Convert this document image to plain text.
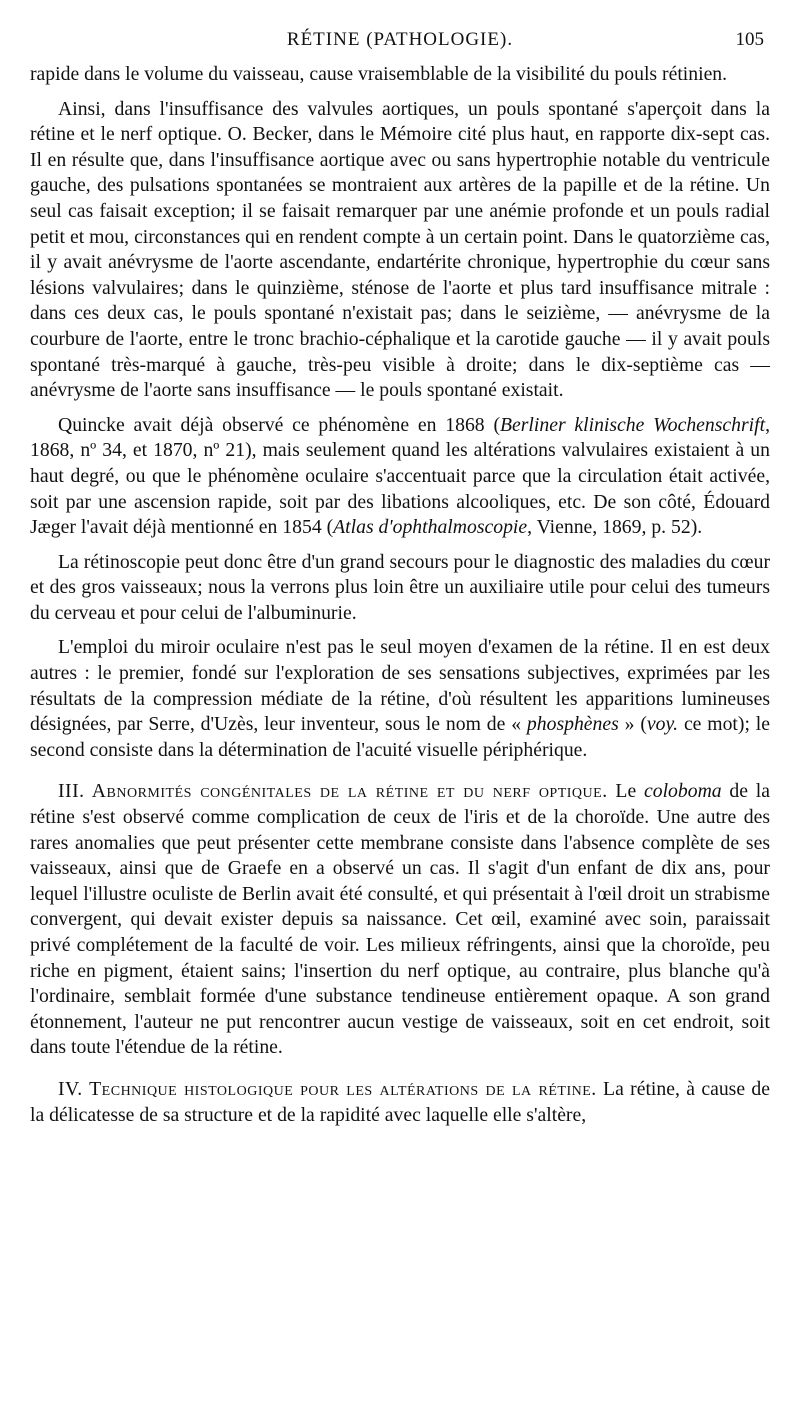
RÉTINE (PATHOLOGIE).	105

rapide dans le volume du vaisseau, cause vraisemblable de la visibilité du pouls rétinien.

Ainsi, dans l'insuffisance des valvules aortiques, un pouls spontané s'aperçoit dans la rétine et le nerf optique. O. Becker, dans le Mémoire cité plus haut, en rapporte dix-sept cas. Il en résulte que, dans l'insuffisance aortique avec ou sans hypertrophie notable du ventricule gauche, des pulsations spontanées se montraient aux artères de la papille et de la rétine. Un seul cas faisait exception; il se faisait remarquer par une anémie profonde et un pouls radial petit et mou, circonstances qui en rendent compte à un certain point. Dans le quatorzième cas, il y avait anévrysme de l'aorte ascendante, endartérite chronique, hypertrophie du cœur sans lésions valvulaires; dans le quinzième, sténose de l'aorte et plus tard insuffisance mitrale : dans ces deux cas, le pouls spontané n'existait pas; dans le seizième, — anévrysme de la courbure de l'aorte, entre le tronc brachio-céphalique et la carotide gauche — il y avait pouls spontané très-marqué à gauche, très-peu visible à droite; dans le dix-septième cas — anévrysme de l'aorte sans insuffisance — le pouls spontané existait.

Quincke avait déjà observé ce phénomène en 1868 (Berliner klinische Wochenschrift, 1868, nº 34, et 1870, nº 21), mais seulement quand les altérations valvulaires existaient à un haut degré, ou que le phénomène oculaire s'accentuait parce que la circulation était activée, soit par une ascension rapide, soit par des libations alcooliques, etc. De son côté, Édouard Jæger l'avait déjà mentionné en 1854 (Atlas d'ophthalmoscopie, Vienne, 1869, p. 52).

La rétinoscopie peut donc être d'un grand secours pour le diagnostic des maladies du cœur et des gros vaisseaux; nous la verrons plus loin être un auxiliaire utile pour celui des tumeurs du cerveau et pour celui de l'albuminurie.

L'emploi du miroir oculaire n'est pas le seul moyen d'examen de la rétine. Il en est deux autres : le premier, fondé sur l'exploration de ses sensations subjectives, exprimées par les résultats de la compression médiate de la rétine, d'où résultent les apparitions lumineuses désignées, par Serre, d'Uzès, leur inventeur, sous le nom de « phosphènes » (voy. ce mot); le second consiste dans la détermination de l'acuité visuelle périphérique.

III. Abnormités congénitales de la rétine et du nerf optique. Le coloboma de la rétine s'est observé comme complication de ceux de l'iris et de la choroïde. Une autre des rares anomalies que peut présenter cette membrane consiste dans l'absence complète de ses vaisseaux, ainsi que de Graefe en a observé un cas. Il s'agit d'un enfant de dix ans, pour lequel l'illustre oculiste de Berlin avait été consulté, et qui présentait à l'œil droit un strabisme convergent, qui devait exister depuis sa naissance. Cet œil, examiné avec soin, paraissait privé complétement de la faculté de voir. Les milieux réfringents, ainsi que la choroïde, peu riche en pigment, étaient sains; l'insertion du nerf optique, au contraire, plus blanche qu'à l'ordinaire, semblait formée d'une substance tendineuse entièrement opaque. A son grand étonnement, l'auteur ne put rencontrer aucun vestige de vaisseaux, soit en cet endroit, soit dans toute l'étendue de la rétine.

IV. Technique histologique pour les altérations de la rétine. La rétine, à cause de la délicatesse de sa structure et de la rapidité avec laquelle elle s'altère,
